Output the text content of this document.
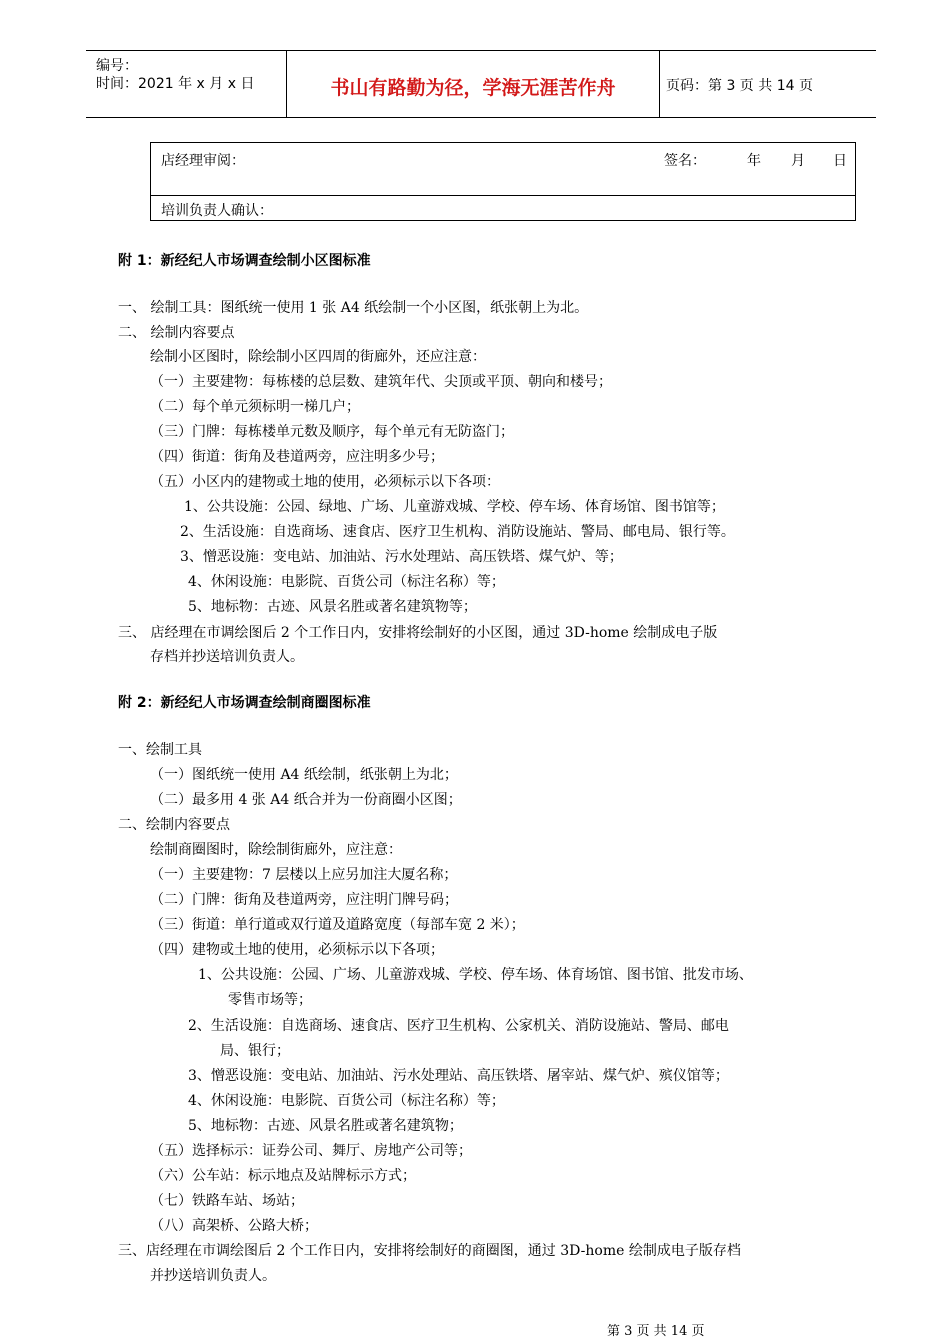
编号：
时间：2021 年 x 月 x 日	书山有路勤为径，学海无涯苦作舟	页码：第 3 页 共 14 页
店经理审阅：	签名：	年 月 日
培训负责人确认：
附 1：新经纪人市场调查绘制小区图标准
一、 绘制工具：图纸统一使用 1 张 A4 纸绘制一个小区图，纸张朝上为北。
二、 绘制内容要点
绘制小区图时，除绘制小区四周的街廊外，还应注意：
（一）主要建物：每栋楼的总层数、建筑年代、尖顶或平顶、朝向和楼号；
（二）每个单元须标明一梯几户；
（三）门牌：每栋楼单元数及顺序，每个单元有无防盗门；
（四）街道：街角及巷道两旁，应注明多少号；
（五）小区内的建物或土地的使用，必须标示以下各项：
1、公共设施：公园、绿地、广场、儿童游戏城、学校、停车场、体育场馆、图书馆等；
2、生活设施：自选商场、速食店、医疗卫生机构、消防设施站、警局、邮电局、银行等。
3、憎恶设施：变电站、加油站、污水处理站、高压铁塔、煤气炉、等；
4、休闲设施：电影院、百货公司（标注名称）等；
5、地标物：古迹、风景名胜或著名建筑物等；
三、 店经理在市调绘图后 2 个工作日内，安排将绘制好的小区图，通过 3D-home 绘制成电子版
存档并抄送培训负责人。
附 2：新经纪人市场调查绘制商圈图标准
一、绘制工具
（一）图纸统一使用 A4 纸绘制，纸张朝上为北；
（二）最多用 4 张 A4 纸合并为一份商圈小区图；
二、绘制内容要点
绘制商圈图时，除绘制街廊外，应注意：
（一）主要建物：7 层楼以上应另加注大厦名称；
（二）门牌：街角及巷道两旁，应注明门牌号码；
（三）街道：单行道或双行道及道路宽度（每部车宽 2 米）；
（四）建物或土地的使用，必须标示以下各项；
1、公共设施：公园、广场、儿童游戏城、学校、停车场、体育场馆、图书馆、批发市场、
零售市场等；
2、生活设施：自选商场、速食店、医疗卫生机构、公家机关、消防设施站、警局、邮电
局、银行；
3、憎恶设施：变电站、加油站、污水处理站、高压铁塔、屠宰站、煤气炉、殡仪馆等；
4、休闲设施：电影院、百货公司（标注名称）等；
5、地标物：古迹、风景名胜或著名建筑物；
（五）选择标示：证券公司、舞厅、房地产公司等；
（六）公车站：标示地点及站牌标示方式；
（七）铁路车站、场站；
（八）高架桥、公路大桥；
三、店经理在市调绘图后 2 个工作日内，安排将绘制好的商圈图，通过 3D-home 绘制成电子版存档
并抄送培训负责人。
第 3 页 共 14 页
